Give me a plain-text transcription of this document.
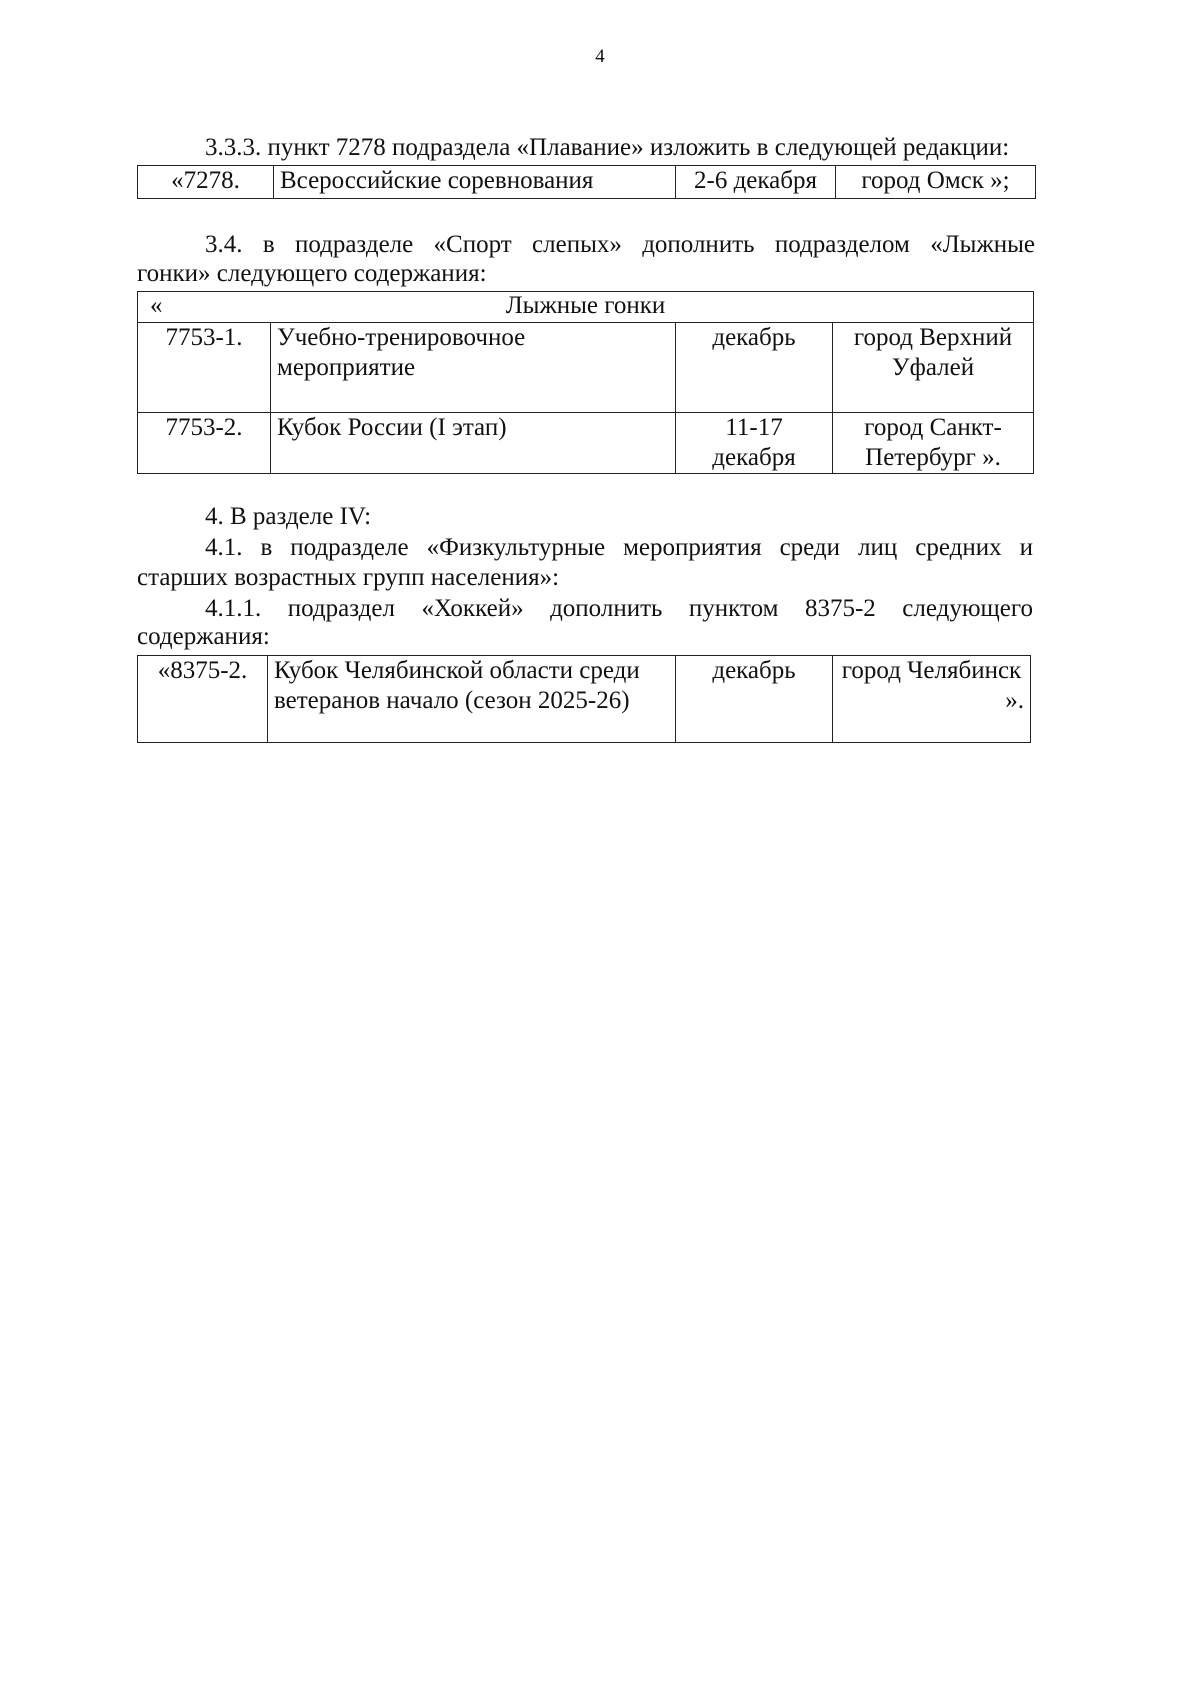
4
3.3.3. пункт 7278 подраздела «Плавание» изложить в следующей редакции:
«7278.	Всероссийские соревнования	2-6 декабря	город Омск »;
3.4. в подразделе «Спорт слепых» дополнить подразделом «Лыжные
гонки» следующего содержания:
« Лыжные гонки			

7753-1.	Учебно-тренировочное мероприятие	декабрь	город Верхний Уфалей
7753-2.	Кубок России (I этап)	11-17 декабря	город Санкт-Петербург ».
4. В разделе IV:
4.1. в подразделе «Физкультурные мероприятия среди лиц средних и
старших возрастных групп населения»:
4.1.1. подраздел «Хоккей» дополнить пунктом 8375-2 следующего
содержания:
«8375-2.	Кубок Челябинской области среди ветеранов начало (сезон 2025-26)	декабрь	город Челябинск
».
